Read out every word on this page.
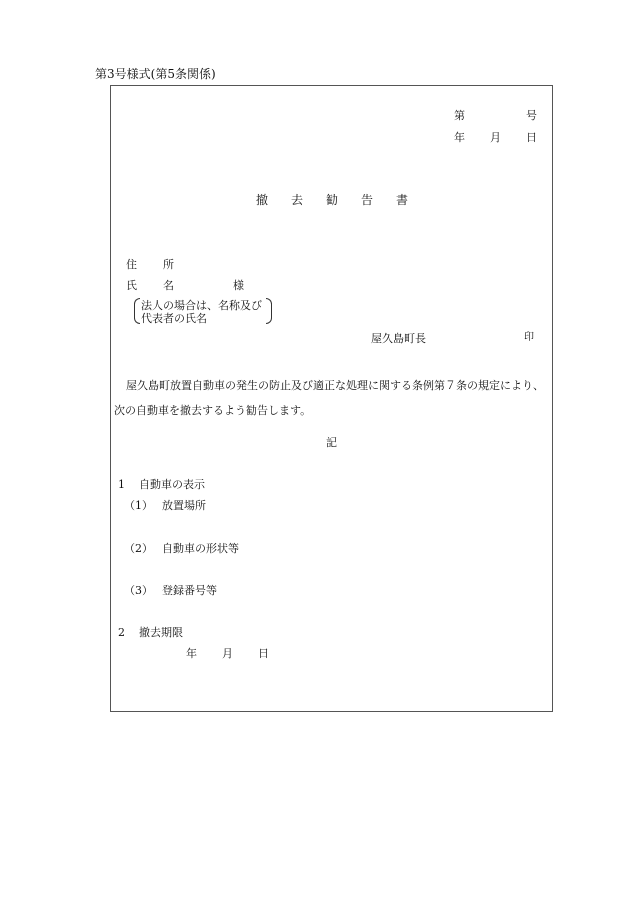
第3号様式(第5条関係)
第	号
年 月 日
撤 去 勧 告 書
住 所
氏 名	様
法人の場合は、名称及び
代表者の氏名
屋久島町長	印
屋久島町放置自動車の発生の防止及び適正な処理に関する条例第７条の規定により、次の自動車を撤去するよう勧告します。
記
1 自動車の表示
（1） 放置場所
（2） 自動車の形状等
（3） 登録番号等
2 撤去期限
年 月 日
